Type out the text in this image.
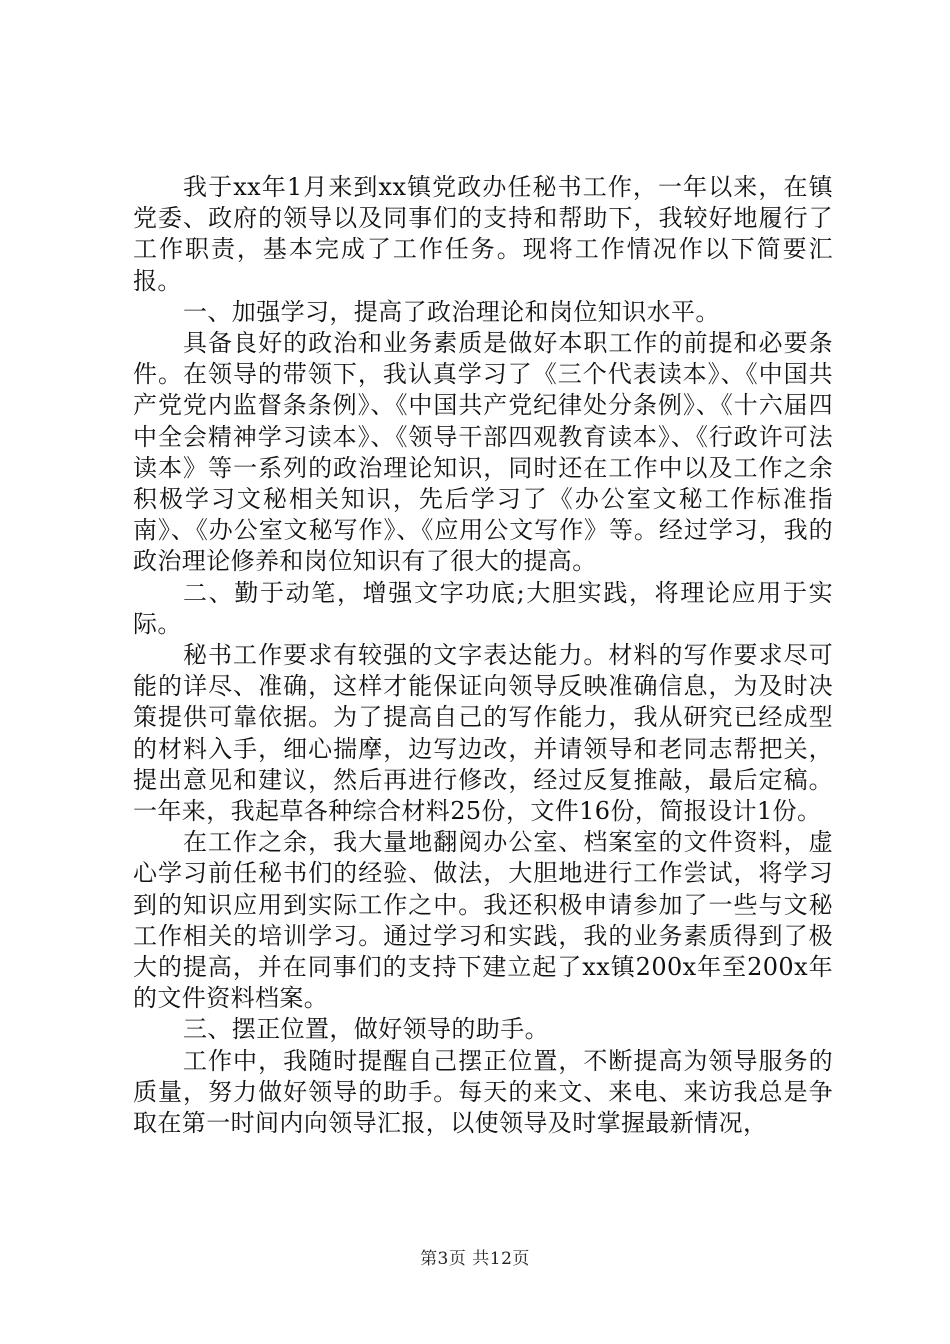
我于xx年1月来到xx镇党政办任秘书工作，一年以来，在镇党委、政府的领导以及同事们的支持和帮助下，我较好地履行了工作职责，基本完成了工作任务。现将工作情况作以下简要汇报。

一、加强学习，提高了政治理论和岗位知识水平。

具备良好的政治和业务素质是做好本职工作的前提和必要条件。在领导的带领下，我认真学习了《三个代表读本》、《中国共产党党内监督条条例》、《中国共产党纪律处分条例》、《十六届四中全会精神学习读本》、《领导干部四观教育读本》、《行政许可法读本》等一系列的政治理论知识，同时还在工作中以及工作之余积极学习文秘相关知识，先后学习了《办公室文秘工作标准指南》、《办公室文秘写作》、《应用公文写作》等。经过学习，我的政治理论修养和岗位知识有了很大的提高。

二、勤于动笔，增强文字功底;大胆实践，将理论应用于实际。

秘书工作要求有较强的文字表达能力。材料的写作要求尽可能的详尽、准确，这样才能保证向领导反映准确信息，为及时决策提供可靠依据。为了提高自己的写作能力，我从研究已经成型的材料入手，细心揣摩，边写边改，并请领导和老同志帮把关，提出意见和建议，然后再进行修改，经过反复推敲，最后定稿。一年来，我起草各种综合材料25份，文件16份，简报设计1份。

在工作之余，我大量地翻阅办公室、档案室的文件资料，虚心学习前任秘书们的经验、做法，大胆地进行工作尝试，将学习到的知识应用到实际工作之中。我还积极申请参加了一些与文秘工作相关的培训学习。通过学习和实践，我的业务素质得到了极大的提高，并在同事们的支持下建立起了xx镇200x年至200x年的文件资料档案。

三、摆正位置，做好领导的助手。

工作中，我随时提醒自己摆正位置，不断提高为领导服务的质量，努力做好领导的助手。每天的来文、来电、来访我总是争取在第一时间内向领导汇报，以使领导及时掌握最新情况，

第3页 共12页
